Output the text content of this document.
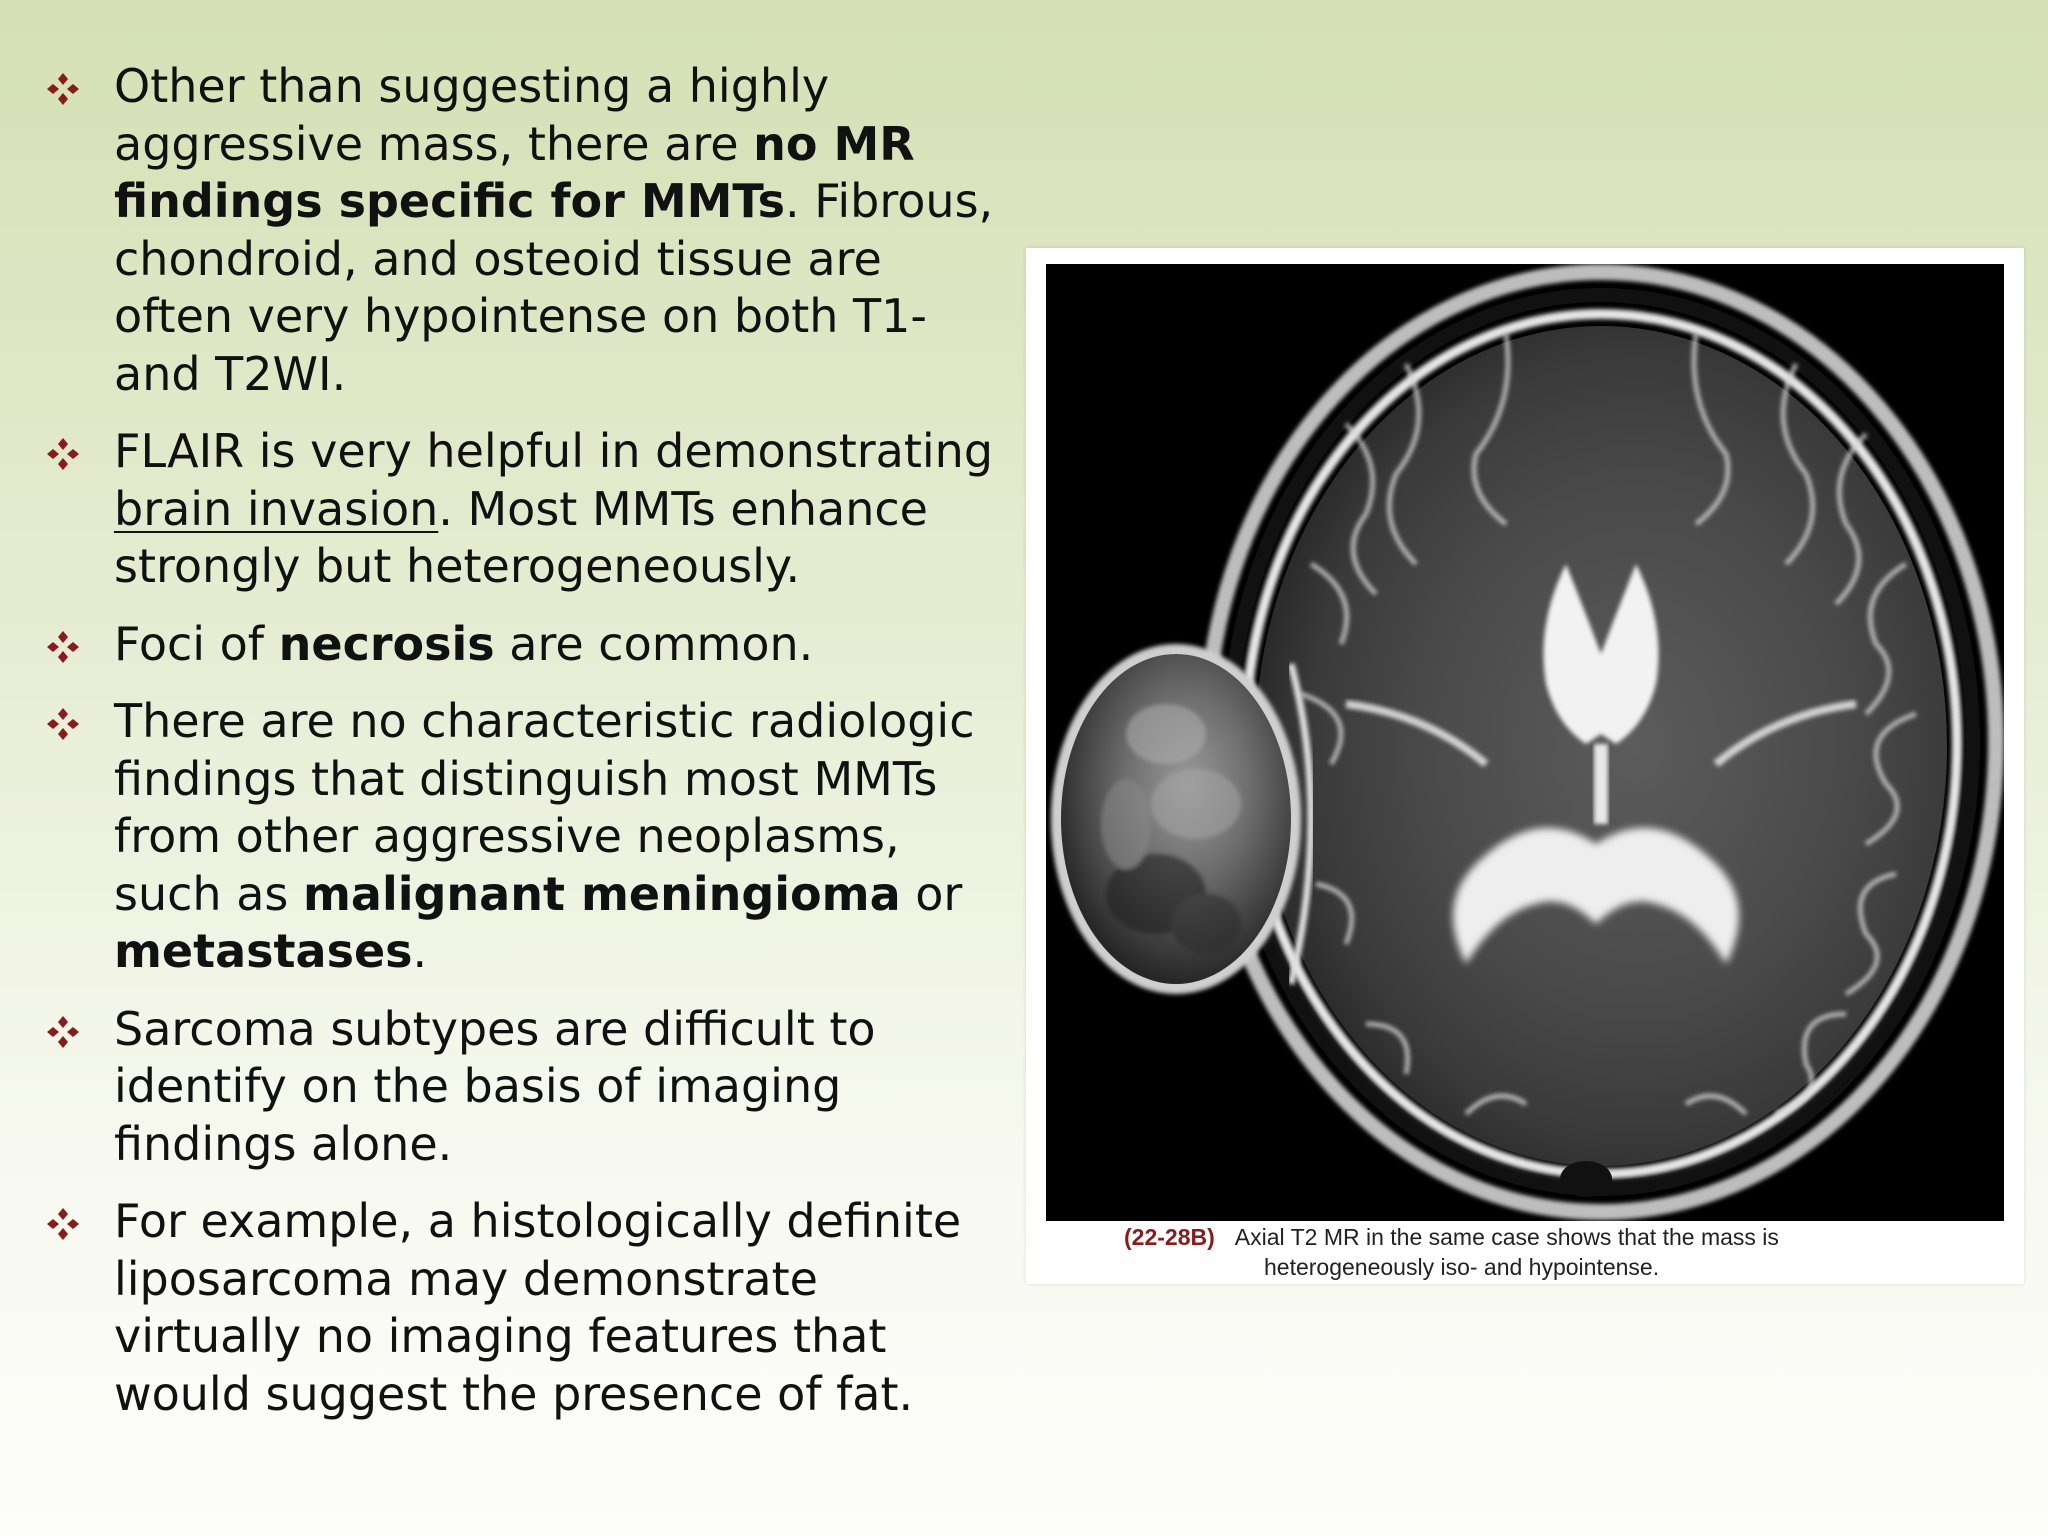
Other than suggesting a highly aggressive mass, there are no MR findings specific for MMTs. Fibrous, chondroid, and osteoid tissue are often very hypointense on both T1- and T2WI.
FLAIR is very helpful in demonstrating brain invasion. Most MMTs enhance strongly but heterogeneously.
Foci of necrosis are common.
There are no characteristic radiologic findings that distinguish most MMTs from other aggressive neoplasms, such as malignant meningioma or metastases.
Sarcoma subtypes are difficult to identify on the basis of imaging findings alone.
For example, a histologically definite liposarcoma may demonstrate virtually no imaging features that would suggest the presence of fat.
(22-28B) Axial T2 MR in the same case shows that the mass is
heterogeneously iso- and hypointense.
